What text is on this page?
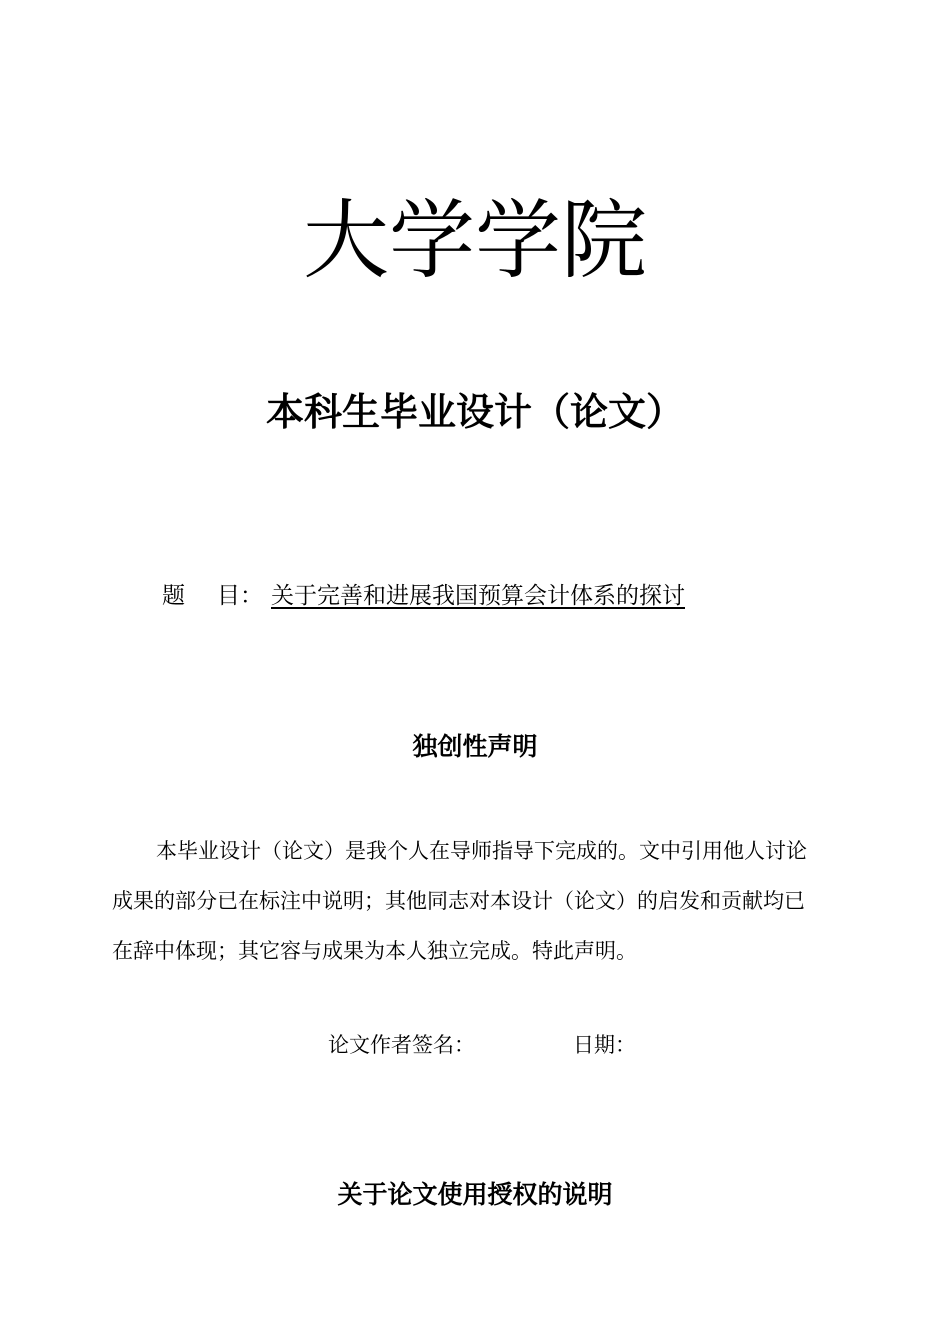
大学学院
本科生毕业设计（论文）
题 目： 关于完善和进展我国预算会计体系的探讨
独创性声明

本毕业设计（论文）是我个人在导师指导下完成的。文中引用他人讨论
成果的部分已在标注中说明；其他同志对本设计（论文）的启发和贡献均已
在辞中体现；其它容与成果为本人独立完成。特此声明。

论文作者签名：	日期：
关于论文使用授权的说明
